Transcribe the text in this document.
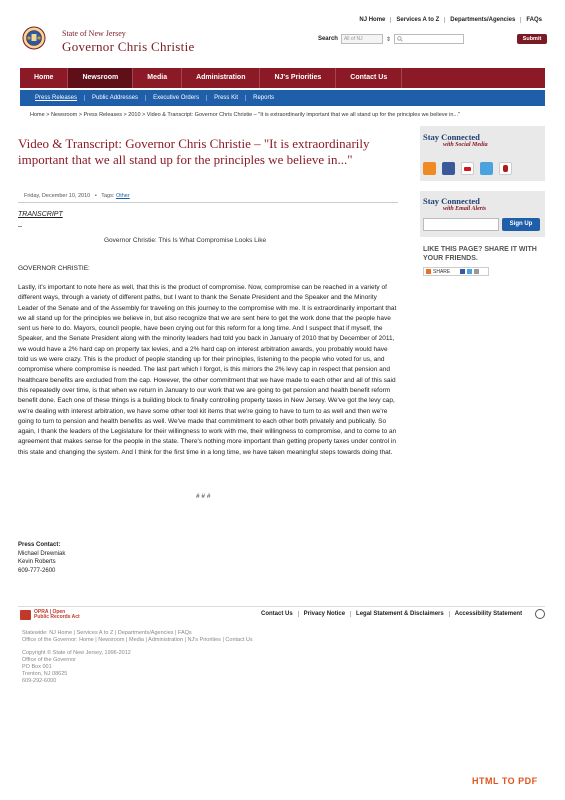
NJ Home	Services A to Z	Departments/Agencies	FAQs
State of New Jersey
Governor Chris Christie	Search	All of NJ	⇕	Submit
Home	Newsroom	Media	Administration	NJ's Priorities	Contact Us
Press Releases	Public Addresses	Executive Orders	Press Kit	Reports
Home > Newsroom > Press Releases > 2010 > Video & Transcript: Governor Chris Christie – "It is extraordinarily important that we all stand up for the principles we believe in..."
Video & Transcript: Governor Chris Christie – "It is extraordinarily important that we all stand up for the principles we believe in..."
Friday, December 10, 2010   •   Tags: Other
TRANSCRIPT
–
Governor Christie: This Is What Compromise Looks Like
GOVERNOR CHRISTIE:
Lastly, it's important to note here as well, that this is the product of compromise. Now, compromise can be reached in a variety of different ways, through a variety of different paths, but I want to thank the Senate President and the Speaker and the Minority Leader of the Senate and of the Assembly for traveling on this journey to the compromise with me. It is extraordinarily important that we all stand up for the principles we believe in, but also recognize that we are sent here to get the work done that the people have sent us here to do. Mayors, council people, have been crying out for this reform for a long time. And I suspect that if myself, the Speaker, and the Senate President along with the minority leaders had told you back in January of 2010 that by December of 2011, we would have a 2% hard cap on property tax levies, and a 2% hard cap on interest arbitration awards, you probably would have told us we were crazy. This is the product of people standing up for their principles, listening to the people who voted for us, and compromise where compromise is needed. The last part which I forgot, is this mirrors the 2% levy cap in respect that pension and healthcare benefits are excluded from the cap. However, the other commitment that we have made to each other and all of this said this repeatedly over time, is that when we return in January to our work that we are going to get pension and health benefit reform benefit done. Each one of these things is a building block to finally controlling property taxes in New Jersey. We've got the levy cap, we're dealing with interest arbitration, we have some other tool kit items that we're going to have to turn to as well and then we're going to turn to pension and health benefits as well. We've made that commitment to each other both privately and publically. So again, I thank the leaders of the Legislature for their willingness to work with me, their willingness to compromise, and to come to an agreement that makes sense for the people in the state. There's nothing more important than getting property taxes under control in this state and changing the system. And I think for the first time in a long time, we have taken meaningful steps towards doing that.
# # #
Press Contact:
Michael Drewniak
Kevin Roberts
609-777-2600
Stay Connected
with Social Media
Stay Connected
with Email Alerts
Sign Up
LIKE THIS PAGE? SHARE IT WITH YOUR FRIENDS.
SHARE
OPRA | Open
Public Records Act	Contact Us	Privacy Notice	Legal Statement & Disclaimers	Accessibility Statement
Statewide: NJ Home | Services A to Z | Departments/Agencies | FAQs
Office of the Governor: Home | Newsroom | Media | Administration | NJ's Priorities | Contact Us
Copyright © State of New Jersey, 1996-2012
Office of the Governor
PO Box 001
Trenton, NJ 08625
609-292-6000
HTML TO PDF
